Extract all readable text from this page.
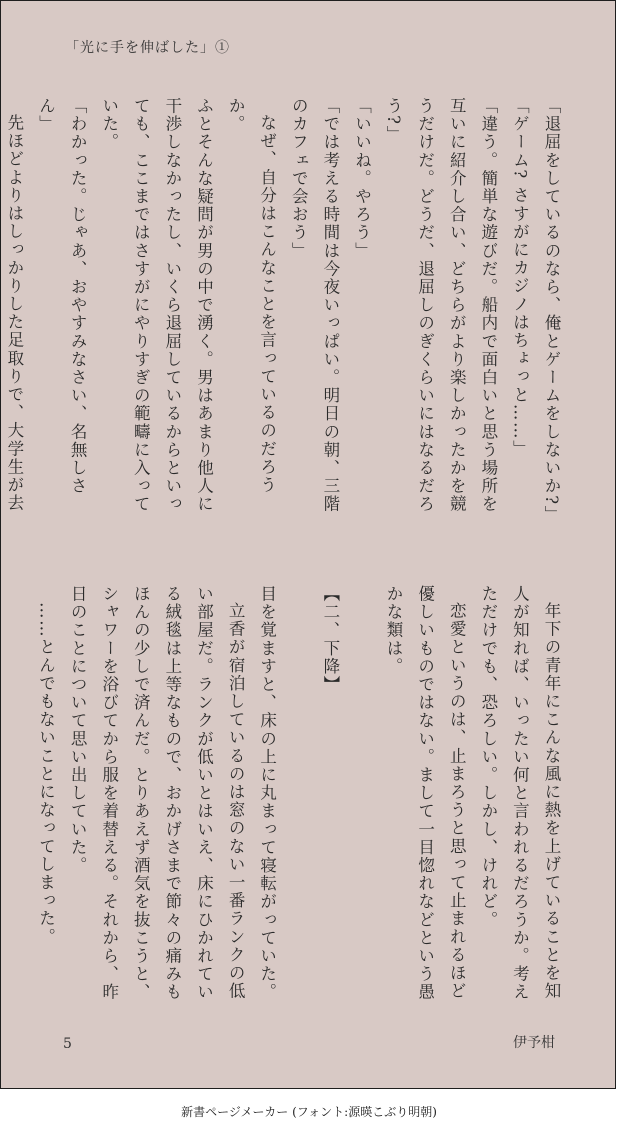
「光に手を伸ばした」①

「退屈をしているのなら、俺とゲームをしないか?」

「ゲーム? さすがにカジノはちょっと……」

「違う。簡単な遊びだ。船内で面白いと思う場所を互いに紹介し合い、どちらがより楽しかったかを競うだけだ。どうだ、退屈しのぎくらいにはなるだろう?」

「いいね。やろう」

「では考える時間は今夜いっぱい。明日の朝、三階のカフェで会おう」

なぜ、自分はこんなことを言っているのだろうか。

ふとそんな疑問が男の中で湧く。男はあまり他人に干渉しなかったし、いくら退屈しているからといっても、ここまではさすがにやりすぎの範疇に入っていた。

「わかった。じゃあ、おやすみなさい、名無しさん」

先ほどよりはしっかりした足取りで、大学生が去

年下の青年にこんな風に熱を上げていることを知人が知れば、いったい何と言われるだろうか。考えただけでも、恐ろしい。しかし、けれど。

恋愛というのは、止まろうと思って止まれるほど優しいものではない。まして一目惚れなどという愚かな類は。

【二、下降】

目を覚ますと、床の上に丸まって寝転がっていた。

立香が宿泊しているのは窓のない一番ランクの低い部屋だ。ランクが低いとはいえ、床にひかれている絨毯は上等なもので、おかげさまで節々の痛みもほんの少しで済んだ。とりあえず酒気を抜こうと、シャワーを浴びてから服を着替える。それから、昨日のことについて思い出していた。

……とんでもないことになってしまった。

5	伊予柑
新書ページメーカー (フォント:源暎こぶり明朝)
